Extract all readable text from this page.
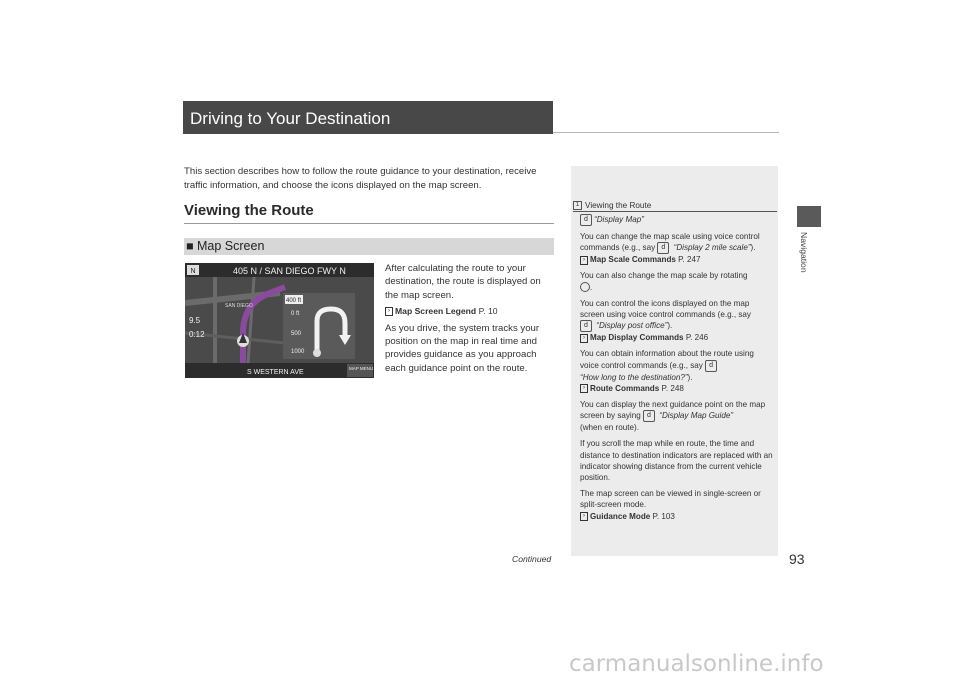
Driving to Your Destination
This section describes how to follow the route guidance to your destination, receive traffic information, and choose the icons displayed on the map screen.
Viewing the Route
■ Map Screen
N	405 N / SAN DIEGO FWY N
SAN DIEGO
9.5
0:12
400 ft
0 ft
500
1000
S WESTERN AVE
MAP MENU

After calculating the route to your destination, the route is displayed on the map screen.

› Map Screen Legend P. 10

As you drive, the system tracks your position on the map in real time and provides guidance as you approach each guidance point on the route.

1 Viewing the Route

d “Display Map”

You can change the map scale using voice control commands (e.g., say d “Display 2 mile scale”).
› Map Scale Commands P. 247

You can also change the map scale by rotating
.

You can control the icons displayed on the map screen using voice control commands (e.g., say
d “Display post office”).
› Map Display Commands P. 246

You can obtain information about the route using voice control commands (e.g., say d
“How long to the destination?”).
› Route Commands P. 248

You can display the next guidance point on the map screen by saying d “Display Map Guide”
(when en route).

If you scroll the map while en route, the time and distance to destination indicators are replaced with an indicator showing distance from the current vehicle position.

The map screen can be viewed in single-screen or split-screen mode.
› Guidance Mode P. 103

Continued	93
Navigation
carmanualsonline.info
